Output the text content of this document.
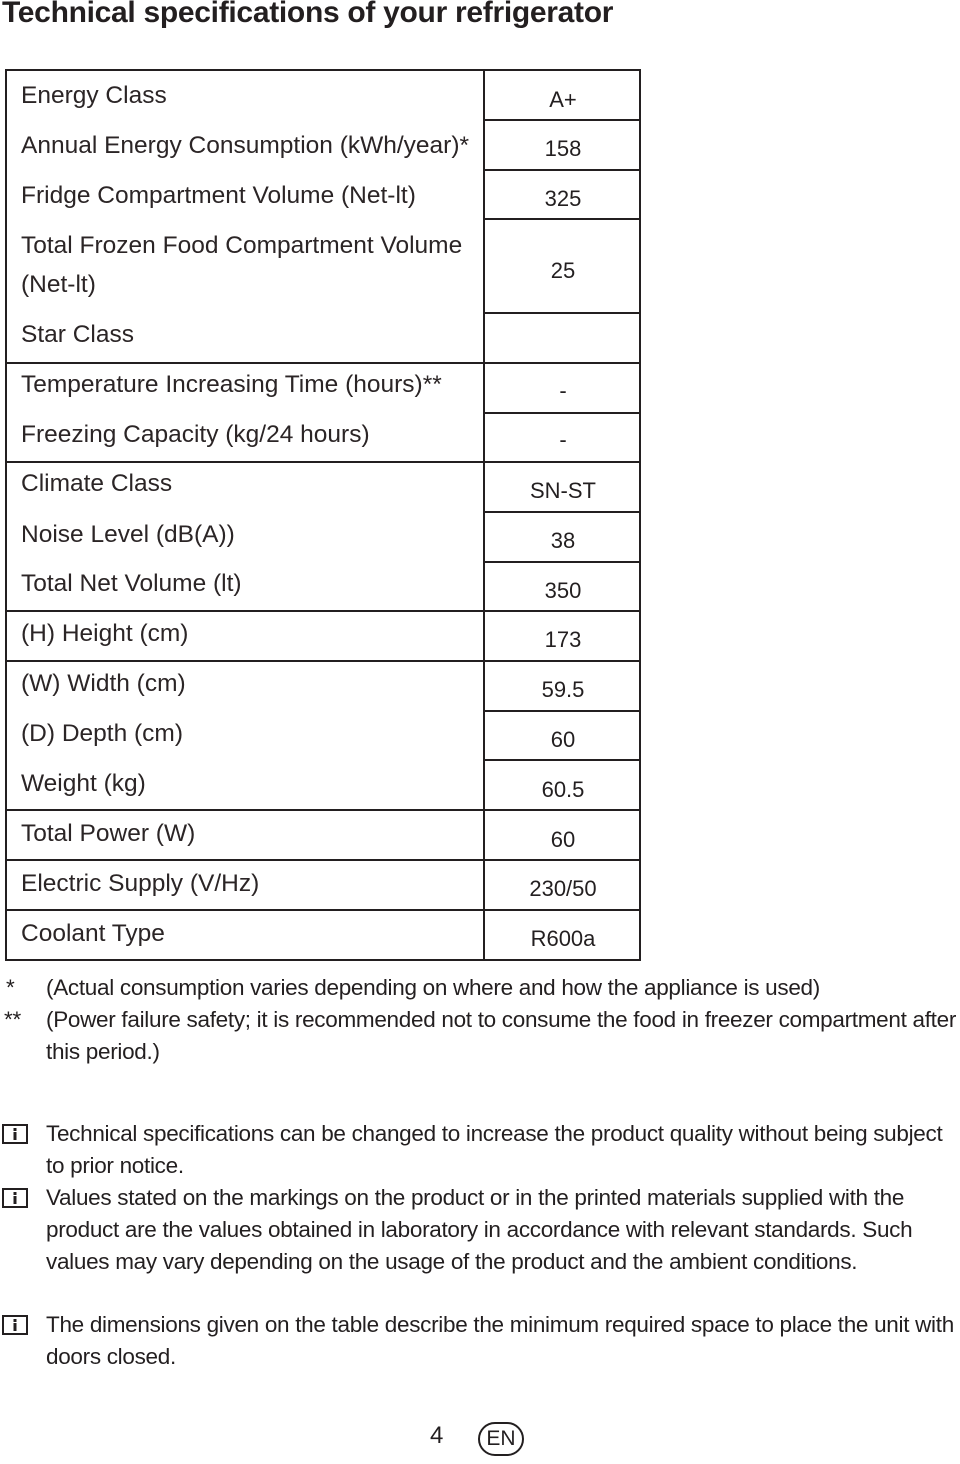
Technical specifications of your refrigerator
Energy Class
Annual Energy Consumption (kWh/year)*
Fridge Compartment Volume (Net-lt)
Total Frozen Food Compartment Volume
(Net-lt)
Star Class
Temperature Increasing Time (hours)**
Freezing Capacity (kg/24 hours)
Climate Class
Noise Level (dB(A))
Total Net Volume (lt)
(H) Height (cm)
(W) Width (cm)
(D) Depth (cm)
Weight (kg)
Total Power (W)
Electric Supply (V/Hz)
Coolant Type
A+
158
325
25
-
-
SN-ST
38
350
173
59.5
60
60.5
60
230/50
R600a
* (Actual consumption varies depending on where and how the appliance is used)
** (Power failure safety; it is recommended not to consume the food in freezer compartment after this period.)
Technical specifications can be changed to increase the product quality without being subject to prior notice.
Values stated on the markings on the product or in the printed materials supplied with the product are the values obtained in laboratory in accordance with relevant standards. Such values may vary depending on the usage of the product and the ambient conditions.
The dimensions given on the table describe the minimum required space to place the unit with doors closed.
4	EN
